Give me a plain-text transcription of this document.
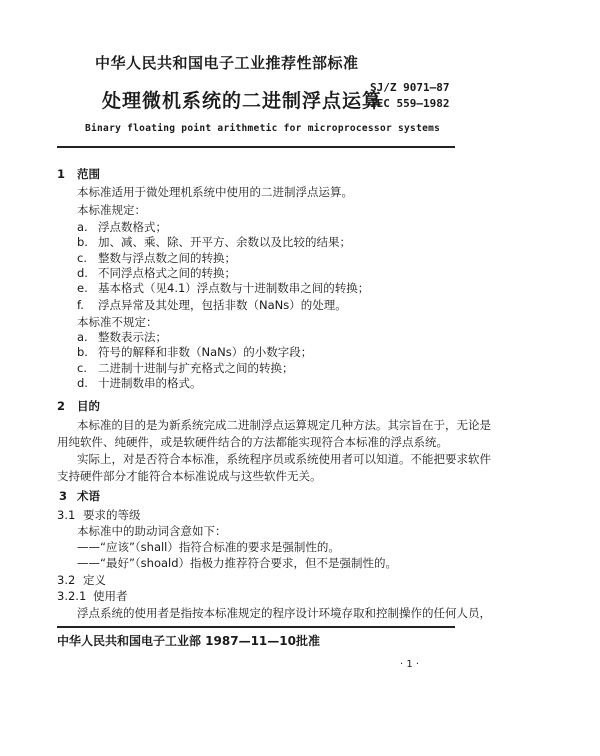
中华人民共和国电子工业推荐性部标准
处理微机系统的二进制浮点运算
SJ/Z 9071—87
IEC 559—1982
Binary floating point arithmetic for microprocessor systems
1 范围
本标准适用于微处理机系统中使用的二进制浮点运算。
本标准规定：
a. 浮点数格式；
b. 加、减、乘、除、开平方、余数以及比较的结果；
c. 整数与浮点数之间的转换；
d. 不同浮点格式之间的转换；
e. 基本格式（见4.1）浮点数与十进制数串之间的转换；
f. 浮点异常及其处理，包括非数（NaNs）的处理。
本标准不规定：
a. 整数表示法；
b. 符号的解释和非数（NaNs）的小数字段；
c. 二进制十进制与扩充格式之间的转换；
d. 十进制数串的格式。
2 目的
本标准的目的是为新系统完成二进制浮点运算规定几种方法。其宗旨在于，无论是
用纯软件、纯硬件，或是软硬件结合的方法都能实现符合本标准的浮点系统。
实际上，对是否符合本标准，系统程序员或系统使用者可以知道。不能把要求软件
支持硬件部分才能符合本标准说成与这些软件无关。
3 术语
3.1 要求的等级
本标准中的助动词含意如下：
——“应该”（shall）指符合标准的要求是强制性的。
——“最好”（shoald）指极力推荐符合要求，但不是强制性的。
3.2 定义
3.2.1 使用者
浮点系统的使用者是指按本标准规定的程序设计环境存取和控制操作的任何人员，
中华人民共和国电子工业部 1987—11—10批准
· 1 ·
